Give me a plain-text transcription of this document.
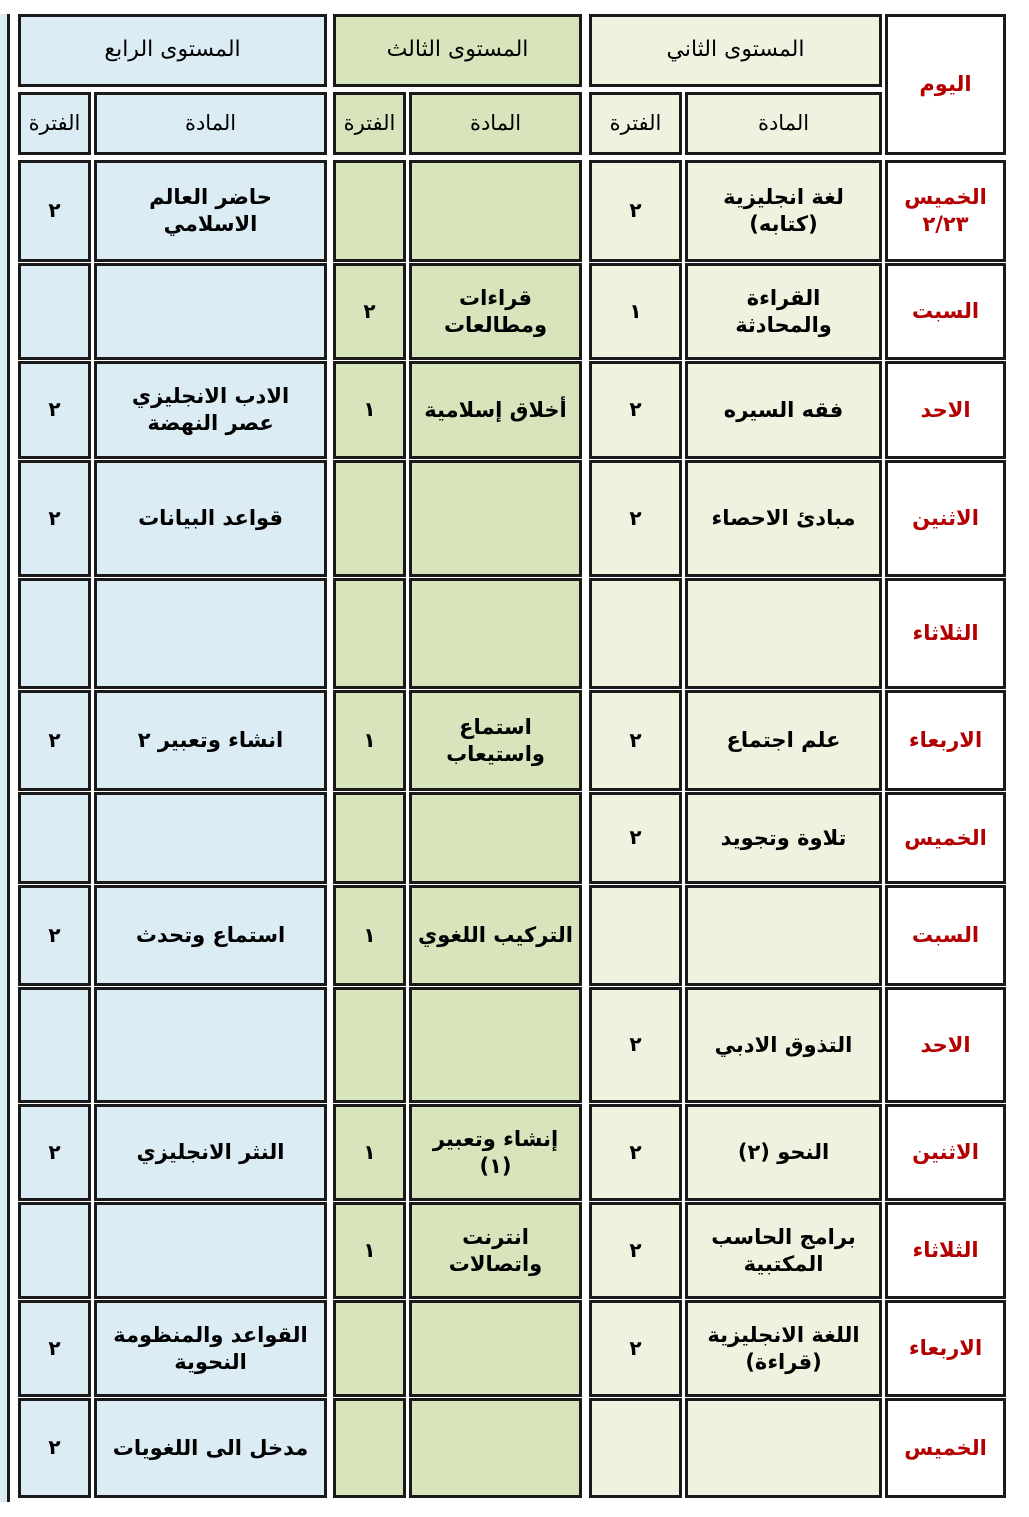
اليوم
المستوى الثاني
المستوى الثالث
المستوى الرابع
المادة
الفترة
المادة
الفترة
المادة
الفترة
الخميس
٢/٢٣
لغة انجليزية
(كتابه)
٢
حاضر العالم
الاسلامي
٢
السبت
القراءة
والمحادثة
١
قراءات
ومطالعات
٢
الاحد
فقه السيره
٢
أخلاق إسلامية
١
الادب الانجليزي
عصر النهضة
٢
الاثنين
مبادئ الاحصاء
٢
قواعد البيانات
٢
الثلاثاء
الاربعاء
علم اجتماع
٢
استماع
واستيعاب
١
انشاء وتعبير ٢
٢
الخميس
تلاوة وتجويد
٢
السبت
التركيب اللغوي
١
استماع وتحدث
٢
الاحد
التذوق الادبي
٢
الاثنين
النحو (٢)
٢
إنشاء وتعبير
(١)
١
النثر الانجليزي
٢
الثلاثاء
برامج الحاسب
المكتبية
٢
انترنت
واتصالات
١
الاربعاء
اللغة الانجليزية
(قراءة)
٢
القواعد والمنظومة
النحوية
٢
الخميس
مدخل الى اللغويات
٢
